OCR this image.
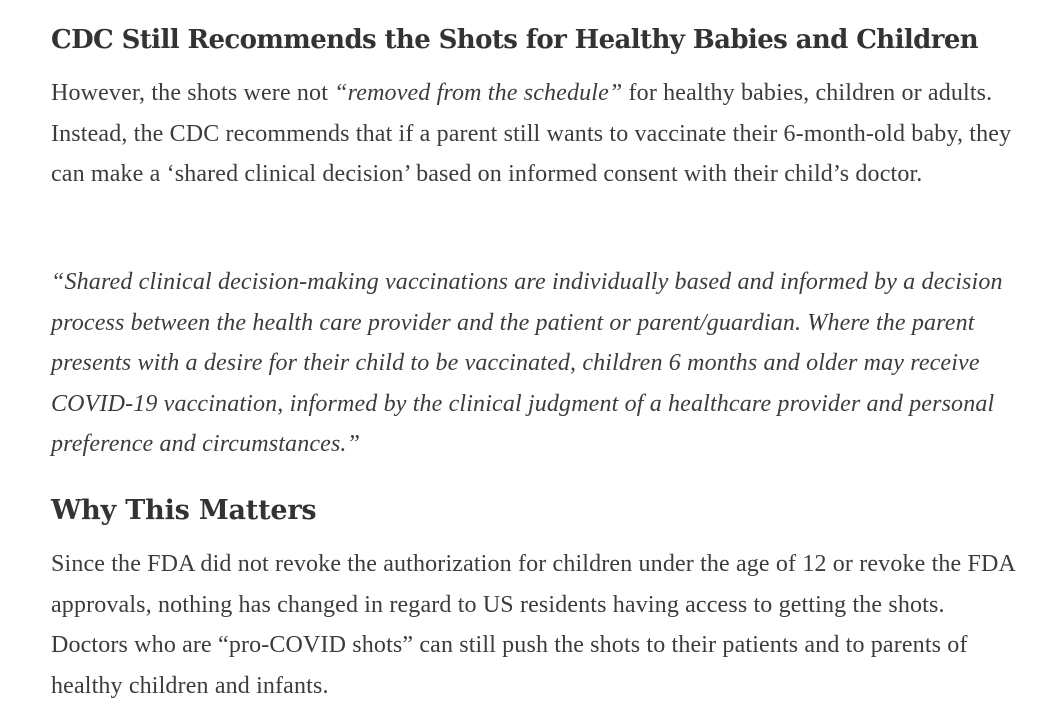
CDC Still Recommends the Shots for Healthy Babies and Children

However, the shots were not “removed from the schedule” for healthy babies, children or adults. Instead, the CDC recommends that if a parent still wants to vaccinate their 6-month-old baby, they can make a ‘shared clinical decision’ based on informed consent with their child’s doctor.

“Shared clinical decision-making vaccinations are individually based and informed by a decision process between the health care provider and the patient or parent/guardian. Where the parent presents with a desire for their child to be vaccinated, children 6 months and older may receive COVID-19 vaccination, informed by the clinical judgment of a healthcare provider and personal preference and circumstances.”

Why This Matters

Since the FDA did not revoke the authorization for children under the age of 12 or revoke the FDA approvals, nothing has changed in regard to US residents having access to getting the shots. Doctors who are “pro-COVID shots” can still push the shots to their patients and to parents of healthy children and infants.
